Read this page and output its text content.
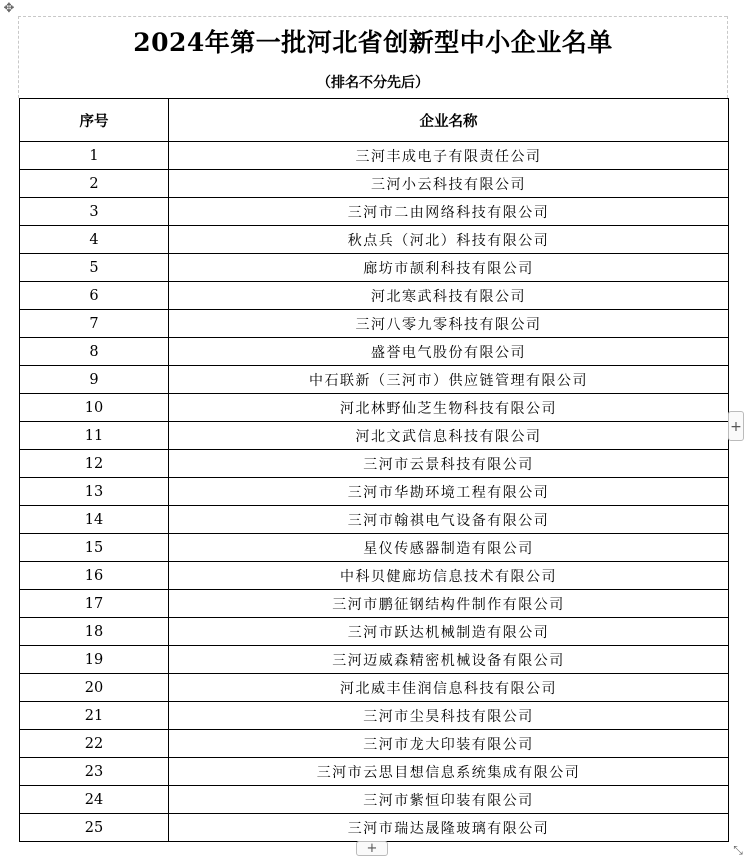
✥
2024年第一批河北省创新型中小企业名单
（排名不分先后）
序号	企业名称
1	三河丰成电子有限责任公司
2	三河小云科技有限公司
3	三河市二由网络科技有限公司
4	秋点兵（河北）科技有限公司
5	廊坊市颉利科技有限公司
6	河北寒武科技有限公司
7	三河八零九零科技有限公司
8	盛誉电气股份有限公司
9	中石联新（三河市）供应链管理有限公司
10	河北林野仙芝生物科技有限公司
11	河北文武信息科技有限公司
12	三河市云景科技有限公司
13	三河市华勘环境工程有限公司
14	三河市翰祺电气设备有限公司
15	星仪传感器制造有限公司
16	中科贝健廊坊信息技术有限公司
17	三河市鹏征钢结构件制作有限公司
18	三河市跃达机械制造有限公司
19	三河迈威森精密机械设备有限公司
20	河北威丰佳润信息科技有限公司
21	三河市尘昊科技有限公司
22	三河市龙大印装有限公司
23	三河市云思目想信息系统集成有限公司
24	三河市紫恒印装有限公司
25	三河市瑞达晟隆玻璃有限公司
+
+	⤡
